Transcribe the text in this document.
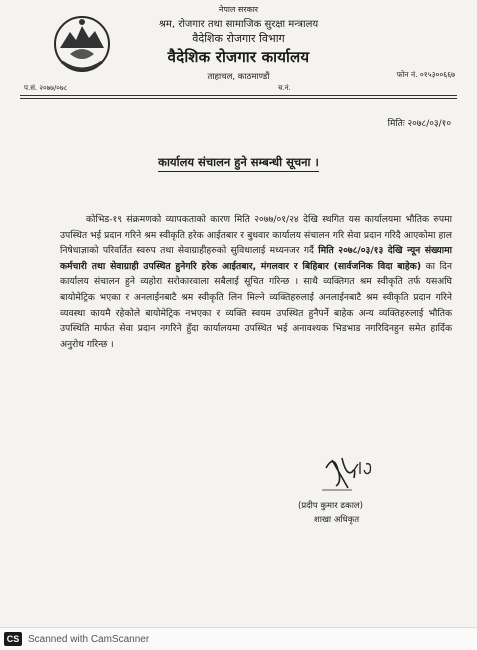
नेपाल सरकार
श्रम, रोजगार तथा सामाजिक सुरक्षा मन्त्रालय
वैदेशिक रोजगार विभाग
वैदेशिक रोजगार कार्यालय
ताहाचल, काठमाण्डौं	फोन नं. ०१५३००६६७
प.सं. २०७७/०७८	च.नं.
मितिः २०७८/०३/१०
कार्यालय संचालन हुने सम्बन्धी सूचना ।

कोभिड-१९ संक्रमणको व्यापकताको कारण मिति २०७७/०१/२४ देखि स्थगित यस कार्यालयमा भौतिक रुपमा उपस्थित भई प्रदान गरिने श्रम स्वीकृति हरेक आईतबार र बुधवार कार्यालय संचालन गरि सेवा प्रदान गरिदै आएकोमा हाल निषेधाज्ञाको परिवर्तित स्वरुप तथा सेवाग्राहीहरुको सुविधालाई मध्यनजर गर्दै मिति २०७८/०३/१३ देखि न्यून संख्यामा कर्मचारी तथा सेवाग्राही उपस्थित हुनेगरि हरेक आईतबार, मंगलवार र बिहिबार (सार्वजनिक विदा बाहेक) का दिन कार्यालय संचालन हुने व्यहोरा सरोकारवाला सबैलाई सूचित गरिन्छ । साथै व्यक्तिगत श्रम स्वीकृति तर्फ यसअघि बायोमेट्रिक भएका र अनलाईनबाटै श्रम स्वीकृति लिन मिल्ने व्यक्तिहरुलाई अनलाईनबाटै श्रम स्वीकृति प्रदान गरिने व्यवस्था कायमै रहेकोले बायोमेट्रिक नभएका र व्यक्ति स्वयम उपस्थित हुनैपर्ने बाहेक अन्य व्यक्तिहरुलाई भौतिक उपस्थिति मार्फत सेवा प्रदान नगरिने हुँदा कार्यालयमा उपस्थित भई अनावश्यक भिडभाड नगरिदिनहुन समेत हार्दिक अनुरोध गरिन्छ ।

(प्रदीप कुमार ढकाल)
शाखा अधिकृत
CS Scanned with CamScanner
